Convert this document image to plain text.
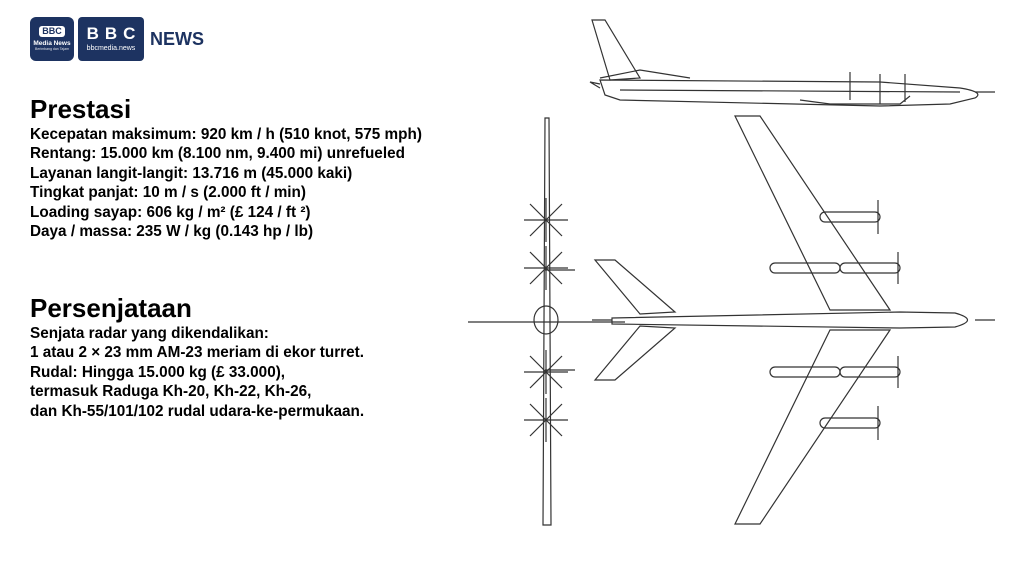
BBC
Media News
Berimbang dan Tajam
BBC
bbcmedia.news NEWS
Prestasi
Kecepatan maksimum: 920 km / h (510 knot, 575 mph)
Rentang: 15.000 km (8.100 nm, 9.400 mi) unrefueled
Layanan langit-langit: 13.716 m (45.000 kaki)
Tingkat panjat: 10 m / s (2.000 ft / min)
Loading sayap: 606 kg / m² (£ 124 / ft ²)
Daya / massa: 235 W / kg (0.143 hp / lb)
Persenjataan
Senjata radar yang dikendalikan:
1 atau 2 × 23 mm AM-23 meriam di ekor turret.
Rudal: Hingga 15.000 kg (£ 33.000),
termasuk Raduga Kh-20, Kh-22, Kh-26,
dan Kh-55/101/102 rudal udara-ke-permukaan.
